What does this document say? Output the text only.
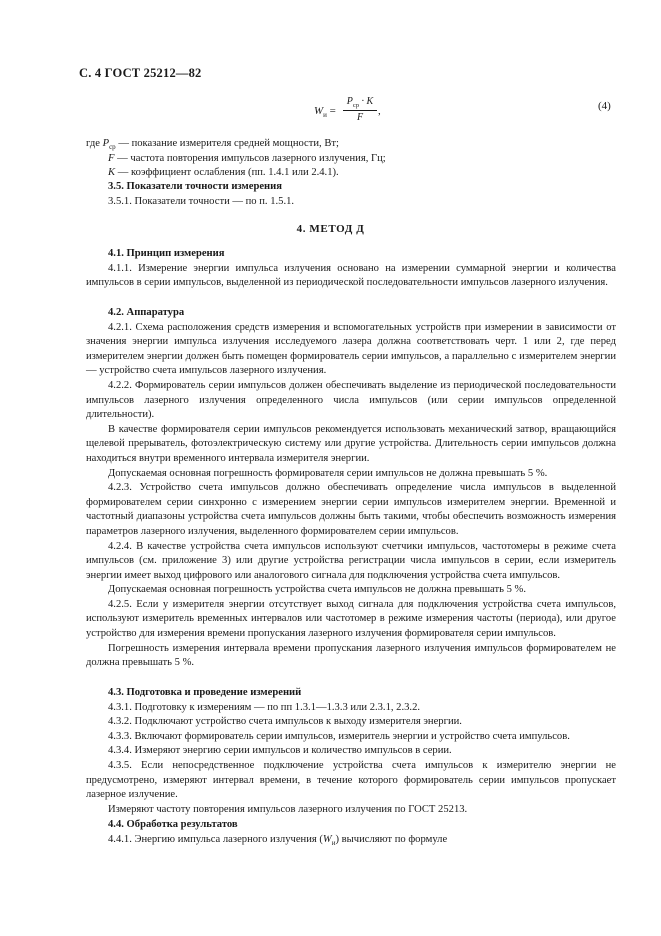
С. 4 ГОСТ 25212—82
$W_и$ =
$P_{ср} \cdot K$
F
,	(4)
где $P_{ср}$ — показание измерителя средней мощности, Вт;
F — частота повторения импульсов лазерного излучения, Гц;
K — коэффициент ослабления (пп. 1.4.1 или 2.4.1).
3.5. Показатели точности измерения
3.5.1. Показатели точности — по п. 1.5.1.
4. МЕТОД Д
4.1. Принцип измерения
4.1.1. Измерение энергии импульса излучения основано на измерении суммарной энергии и количества импульсов в серии импульсов, выделенной из периодической последовательности импульсов лазерного излучения.
4.2. Аппаратура
4.2.1. Схема расположения средств измерения и вспомогательных устройств при измерении в зависимости от значения энергии импульса излучения исследуемого лазера должна соответствовать черт. 1 или 2, где перед измерителем энергии должен быть помещен формирователь серии импульсов, а параллельно с измерителем энергии — устройство счета импульсов лазерного излучения.
4.2.2. Формирователь серии импульсов должен обеспечивать выделение из периодической последовательности импульсов лазерного излучения определенного числа импульсов (или серии импульсов определенной длительности).
В качестве формирователя серии импульсов рекомендуется использовать механический затвор, вращающийся щелевой прерыватель, фотоэлектрическую систему или другие устройства. Длительность серии импульсов должна находиться внутри временного интервала измерителя энергии.
Допускаемая основная погрешность формирователя серии импульсов не должна превышать 5 %.
4.2.3. Устройство счета импульсов должно обеспечивать определение числа импульсов в выделенной формирователем серии синхронно с измерением энергии серии импульсов измерителем энергии. Временной и частотный диапазоны устройства счета импульсов должны быть такими, чтобы обеспечить возможность измерения параметров лазерного излучения, выделенного формирователем серии импульсов.
4.2.4. В качестве устройства счета импульсов используют счетчики импульсов, частотомеры в режиме счета импульсов (см. приложение 3) или другие устройства регистрации числа импульсов в серии, если измеритель энергии имеет выход цифрового или аналогового сигнала для подключения устройства счета импульсов.
Допускаемая основная погрешность устройства счета импульсов не должна превышать 5 %.
4.2.5. Если у измерителя энергии отсутствует выход сигнала для подключения устройства счета импульсов, используют измеритель временных интервалов или частотомер в режиме измерения частоты (периода), или другое устройство для измерения времени пропускания лазерного излучения формирователя серии импульсов.
Погрешность измерения интервала времени пропускания лазерного излучения импульсов формирователем не должна превышать 5 %.
4.3. Подготовка и проведение измерений
4.3.1. Подготовку к измерениям — по пп 1.3.1—1.3.3 или 2.3.1, 2.3.2.
4.3.2. Подключают устройство счета импульсов к выходу измерителя энергии.
4.3.3. Включают формирователь серии импульсов, измеритель энергии и устройство счета импульсов.
4.3.4. Измеряют энергию серии импульсов и количество импульсов в серии.
4.3.5. Если непосредственное подключение устройства счета импульсов к измерителю энергии не предусмотрено, измеряют интервал времени, в течение которого формирователь серии импульсов пропускает лазерное излучение.
Измеряют частоту повторения импульсов лазерного излучения по ГОСТ 25213.
4.4. Обработка результатов
4.4.1. Энергию импульса лазерного излучения $(W_и)$ вычисляют по формуле
